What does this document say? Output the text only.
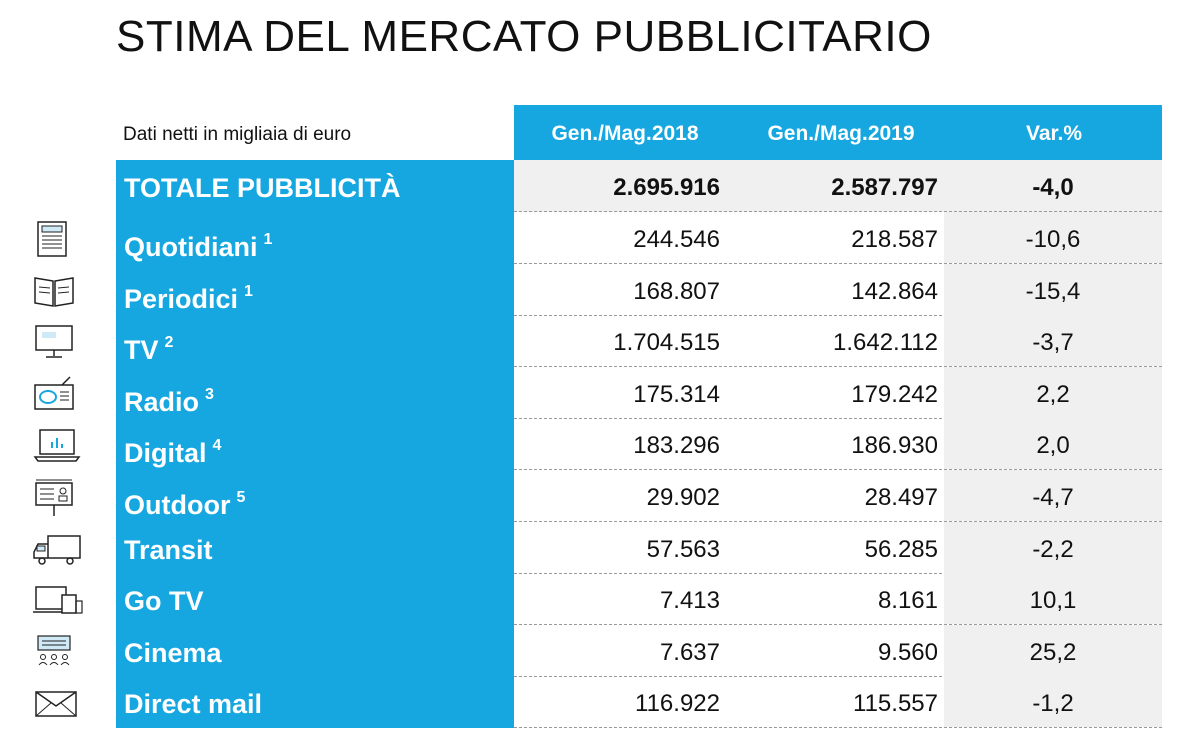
STIMA DEL MERCATO PUBBLICITARIO
Dati netti in migliaia di euro	Gen./Mag.2018	Gen./Mag.2019	Var.%
TOTALE PUBBLICITÀ	2.695.916	2.587.797	-4,0
Quotidiani $^1$	244.546	218.587	-10,6
Periodici $^1$	168.807	142.864	-15,4
TV $^2$	1.704.515	1.642.112	-3,7
Radio $^3$	175.314	179.242	2,2
Digital $^4$	183.296	186.930	2,0
Outdoor $^5$	29.902	28.497	-4,7
Transit	57.563	56.285	-2,2
Go TV	7.413	8.161	10,1
Cinema	7.637	9.560	25,2
Direct mail	116.922	115.557	-1,2
